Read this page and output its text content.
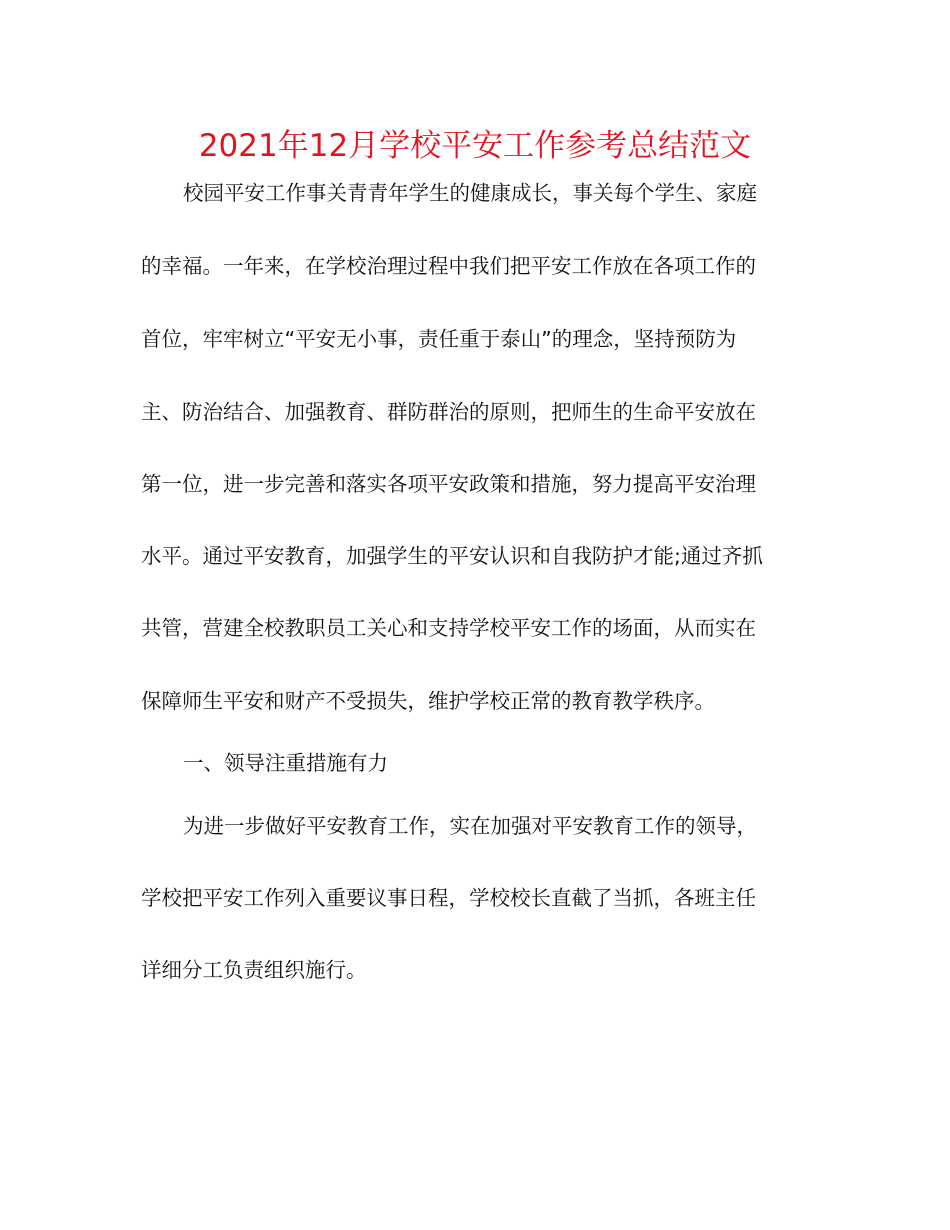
2021年12月学校平安工作参考总结范文
校园平安工作事关青青年学生的健康成长，事关每个学生、家庭
的幸福。一年来，在学校治理过程中我们把平安工作放在各项工作的
首位，牢牢树立“平安无小事，责任重于泰山”的理念，坚持预防为
主、防治结合、加强教育、群防群治的原则，把师生的生命平安放在
第一位，进一步完善和落实各项平安政策和措施，努力提高平安治理
水平。通过平安教育，加强学生的平安认识和自我防护才能;通过齐抓
共管，营建全校教职员工关心和支持学校平安工作的场面，从而实在
保障师生平安和财产不受损失，维护学校正常的教育教学秩序。
一、领导注重措施有力
为进一步做好平安教育工作，实在加强对平安教育工作的领导，
学校把平安工作列入重要议事日程，学校校长直截了当抓，各班主任
详细分工负责组织施行。
